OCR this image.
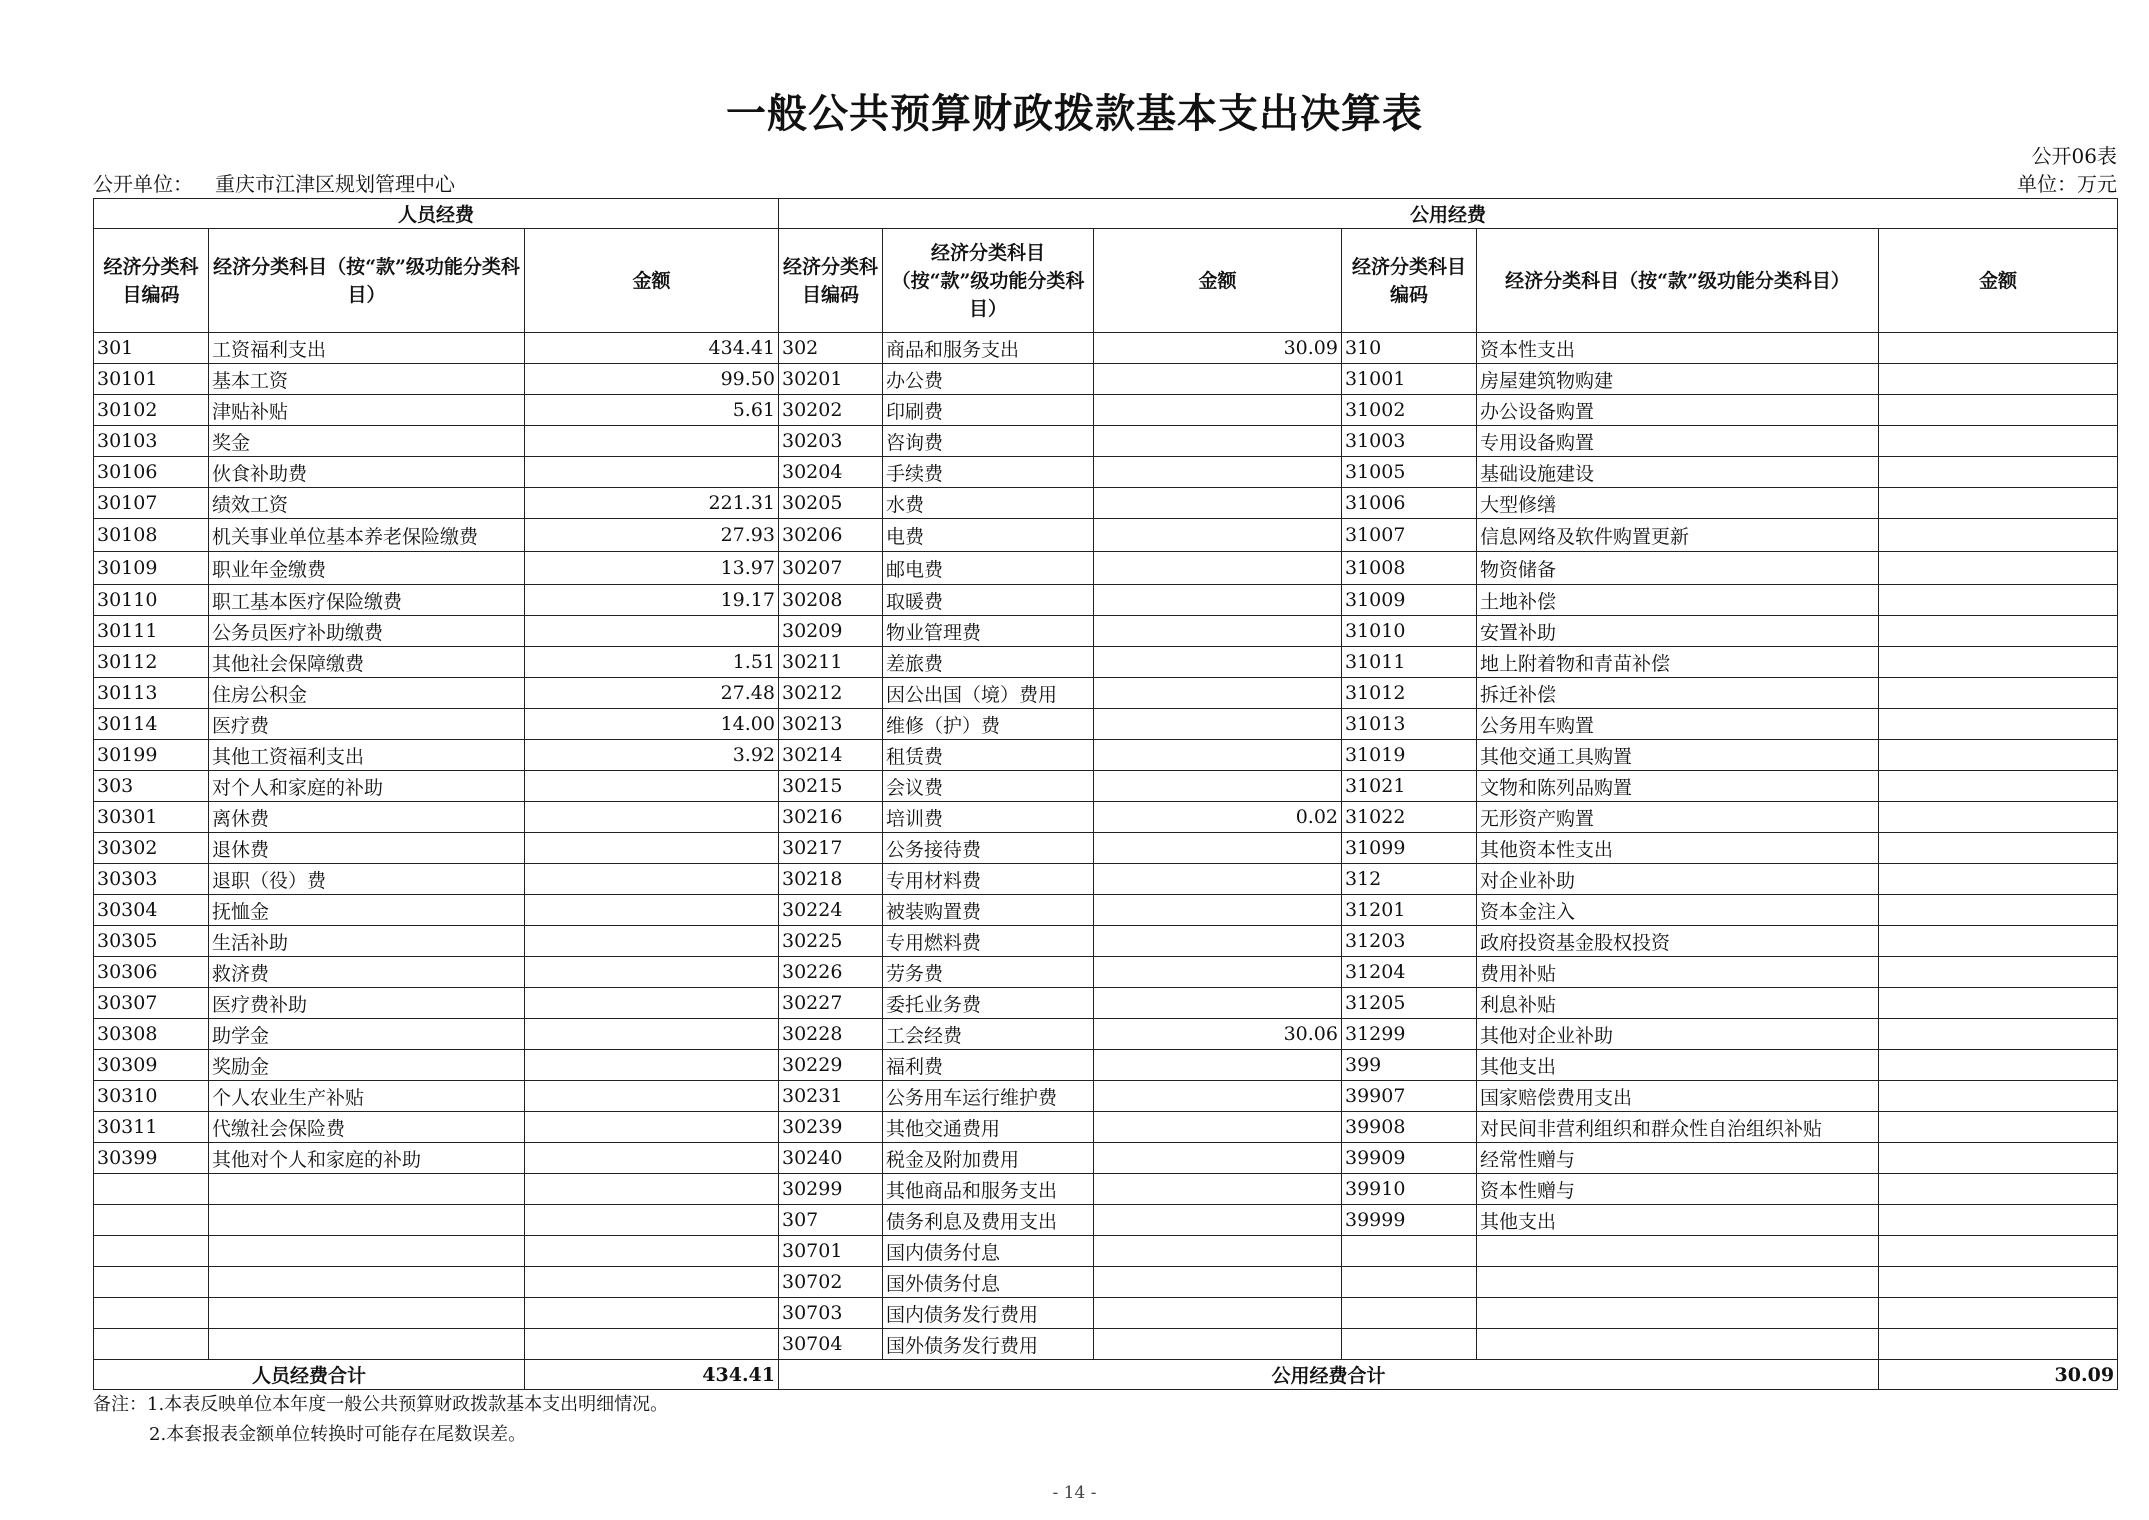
一般公共预算财政拨款基本支出决算表
公开06表
公开单位： 重庆市江津区规划管理中心	单位：万元
人员经费			公用经费					
经济分类科目编码	经济分类科目（按“款”级功能分类科目）	金额	经济分类科目编码	经济分类科目（按“款”级功能分类科目）	金额	经济分类科目编码	经济分类科目（按“款”级功能分类科目）	金额
301	工资福利支出	434.41	302	商品和服务支出	30.09	310	资本性支出	
30101	基本工资	99.50	30201	办公费		31001	房屋建筑物购建	
30102	津贴补贴	5.61	30202	印刷费		31002	办公设备购置	
30103	奖金		30203	咨询费		31003	专用设备购置	
30106	伙食补助费		30204	手续费		31005	基础设施建设	
30107	绩效工资	221.31	30205	水费		31006	大型修缮	
30108	机关事业单位基本养老保险缴费	27.93	30206	电费		31007	信息网络及软件购置更新	
30109	职业年金缴费	13.97	30207	邮电费		31008	物资储备	
30110	职工基本医疗保险缴费	19.17	30208	取暖费		31009	土地补偿	
30111	公务员医疗补助缴费		30209	物业管理费		31010	安置补助	
30112	其他社会保障缴费	1.51	30211	差旅费		31011	地上附着物和青苗补偿	
30113	住房公积金	27.48	30212	因公出国（境）费用		31012	拆迁补偿	
30114	医疗费	14.00	30213	维修（护）费		31013	公务用车购置	
30199	其他工资福利支出	3.92	30214	租赁费		31019	其他交通工具购置	
303	对个人和家庭的补助		30215	会议费		31021	文物和陈列品购置	
30301	离休费		30216	培训费	0.02	31022	无形资产购置	
30302	退休费		30217	公务接待费		31099	其他资本性支出	
30303	退职（役）费		30218	专用材料费		312	对企业补助	
30304	抚恤金		30224	被装购置费		31201	资本金注入	
30305	生活补助		30225	专用燃料费		31203	政府投资基金股权投资	
30306	救济费		30226	劳务费		31204	费用补贴	
30307	医疗费补助		30227	委托业务费		31205	利息补贴	
30308	助学金		30228	工会经费	30.06	31299	其他对企业补助	
30309	奖励金		30229	福利费		399	其他支出	
30310	个人农业生产补贴		30231	公务用车运行维护费		39907	国家赔偿费用支出	
30311	代缴社会保险费		30239	其他交通费用		39908	对民间非营利组织和群众性自治组织补贴	
30399	其他对个人和家庭的补助		30240	税金及附加费用		39909	经常性赠与	
			30299	其他商品和服务支出		39910	资本性赠与	
			307	债务利息及费用支出		39999	其他支出	
			30701	国内债务付息				
			30702	国外债务付息				
			30703	国内债务发行费用				
			30704	国外债务发行费用				
人员经费合计		434.41	公用经费合计					30.09
备注：1.本表反映单位本年度一般公共预算财政拨款基本支出明细情况。
2.本套报表金额单位转换时可能存在尾数误差。
- 14 -
